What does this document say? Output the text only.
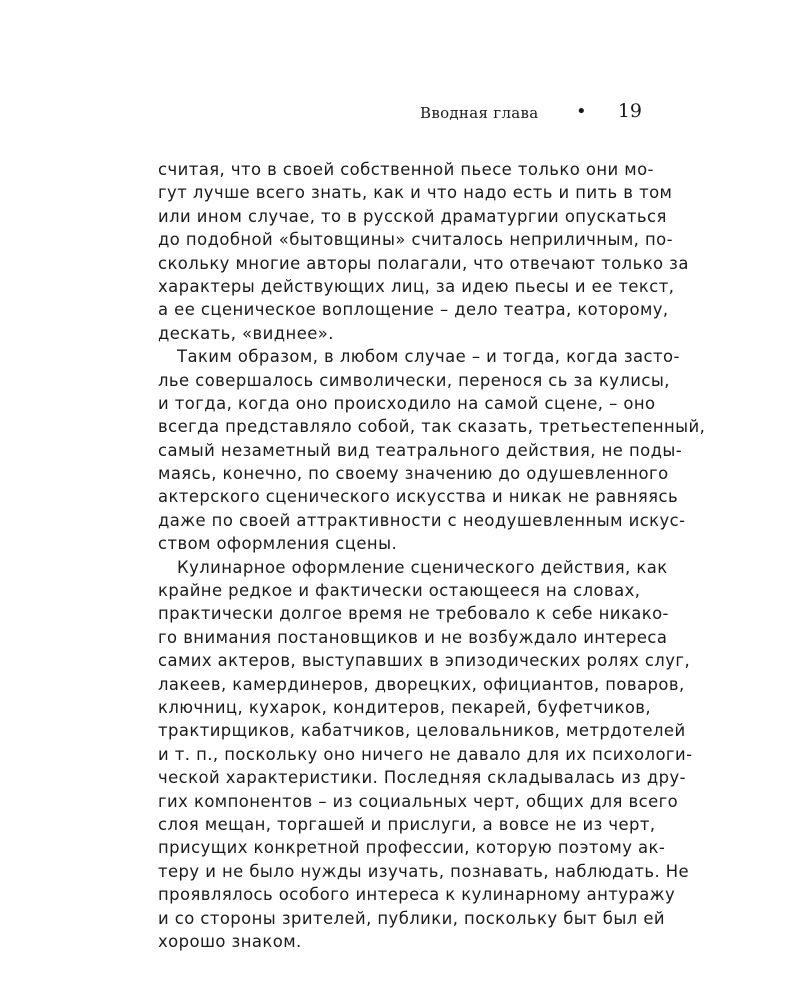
Вводная глава • 19
считая, что в своей собственной пьесе только они мо-
гут лучше всего знать, как и что надо есть и пить в том
или ином случае, то в русской драматургии опускаться
до подобной «бытовщины» считалось неприличным, по-
скольку многие авторы полагали, что отвечают только за
характеры действующих лиц, за идею пьесы и ее текст,
а ее сценическое воплощение – дело театра, которому,
дескать, «виднее».
Таким образом, в любом случае – и тогда, когда засто-
лье совершалось символически, перенося сь за кулисы,
и тогда, когда оно происходило на самой сцене, – оно
всегда представляло собой, так сказать, третьестепенный,
самый незаметный вид театрального действия, не поды-
маясь, конечно, по своему значению до одушевленного
актерского сценического искусства и никак не равняясь
даже по своей аттрактивности с неодушевленным искус-
ством оформления сцены.
Кулинарное оформление сценического действия, как
крайне редкое и фактически остающееся на словах,
практически долгое время не требовало к себе никако-
го внимания постановщиков и не возбуждало интереса
самих актеров, выступавших в эпизодических ролях слуг,
лакеев, камердинеров, дворецких, официантов, поваров,
ключниц, кухарок, кондитеров, пекарей, буфетчиков,
трактирщиков, кабатчиков, целовальников, метрдотелей
и т. п., поскольку оно ничего не давало для их психологи-
ческой характеристики. Последняя складывалась из дру-
гих компонентов – из социальных черт, общих для всего
слоя мещан, торгашей и прислуги, а вовсе не из черт,
присущих конкретной профессии, которую поэтому ак-
теру и не было нужды изучать, познавать, наблюдать. Не
проявлялось особого интереса к кулинарному антуражу
и со стороны зрителей, публики, поскольку быт был ей
хорошо знаком.
